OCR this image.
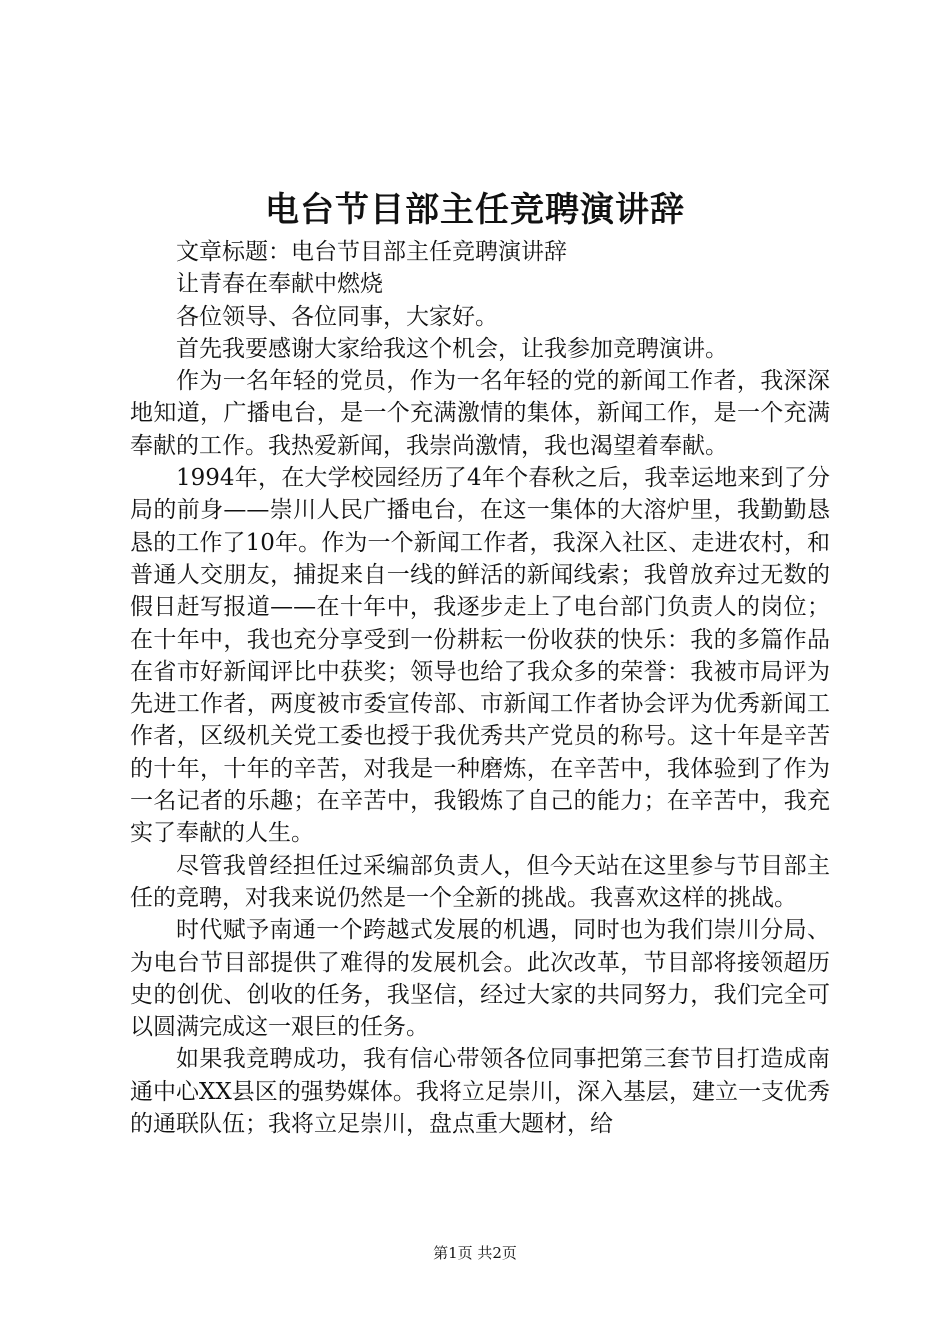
电台节目部主任竞聘演讲辞

文章标题：电台节目部主任竞聘演讲辞

让青春在奉献中燃烧

各位领导、各位同事，大家好。

首先我要感谢大家给我这个机会，让我参加竞聘演讲。

作为一名年轻的党员，作为一名年轻的党的新闻工作者，我深深地知道，广播电台，是一个充满激情的集体，新闻工作，是一个充满奉献的工作。我热爱新闻，我崇尚激情，我也渴望着奉献。

1994年，在大学校园经历了4年个春秋之后，我幸运地来到了分局的前身——崇川人民广播电台，在这一集体的大溶炉里，我勤勤恳恳的工作了10年。作为一个新闻工作者，我深入社区、走进农村，和普通人交朋友，捕捉来自一线的鲜活的新闻线索；我曾放弃过无数的假日赶写报道——在十年中，我逐步走上了电台部门负责人的岗位；在十年中，我也充分享受到一份耕耘一份收获的快乐：我的多篇作品在省市好新闻评比中获奖；领导也给了我众多的荣誉：我被市局评为先进工作者，两度被市委宣传部、市新闻工作者协会评为优秀新闻工作者，区级机关党工委也授于我优秀共产党员的称号。这十年是辛苦的十年，十年的辛苦，对我是一种磨炼，在辛苦中，我体验到了作为一名记者的乐趣；在辛苦中，我锻炼了自己的能力；在辛苦中，我充实了奉献的人生。

尽管我曾经担任过采编部负责人，但今天站在这里参与节目部主任的竞聘，对我来说仍然是一个全新的挑战。我喜欢这样的挑战。

时代赋予南通一个跨越式发展的机遇，同时也为我们崇川分局、为电台节目部提供了难得的发展机会。此次改革，节目部将接领超历史的创优、创收的任务，我坚信，经过大家的共同努力，我们完全可以圆满完成这一艰巨的任务。

如果我竞聘成功，我有信心带领各位同事把第三套节目打造成南通中心XX县区的强势媒体。我将立足崇川，深入基层，建立一支优秀的通联队伍；我将立足崇川，盘点重大题材，给

第1页 共2页
